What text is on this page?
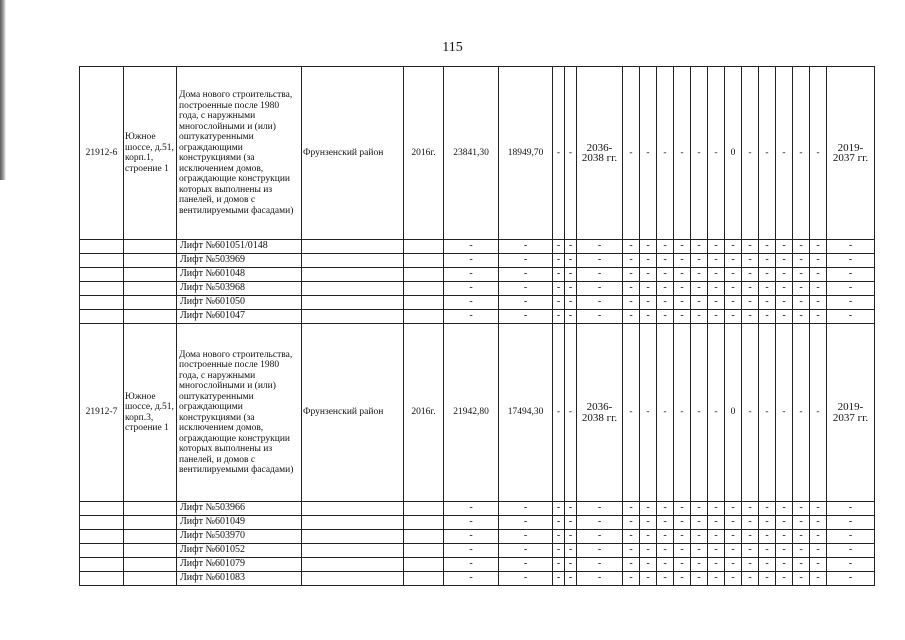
115
21912-6	Южное шоссе, д.51, корп.1, строение 1	Дома нового строительства, построенные после 1980 года, с наружными многослойными и (или) оштукатуренными ограждающими конструкциями (за исключением домов, ограждающие конструкции которых выполнены из панелей, и домов с вентилируемыми фасадами)	Фрунзенский район	2016г.	23841,30	18949,70	-	-	2036-2038 гг.	-	-	-	-	-	-	0	-	-	-	-	-	2019-2037 гг.
		Лифт №601051/0148			-	-	-	-	-	-	-	-	-	-	-	-	-	-	-	-	-	-
		Лифт №503969			-	-	-	-	-	-	-	-	-	-	-	-	-	-	-	-	-	-
		Лифт №601048			-	-	-	-	-	-	-	-	-	-	-	-	-	-	-	-	-	-
		Лифт №503968			-	-	-	-	-	-	-	-	-	-	-	-	-	-	-	-	-	-
		Лифт №601050			-	-	-	-	-	-	-	-	-	-	-	-	-	-	-	-	-	-
		Лифт №601047			-	-	-	-	-	-	-	-	-	-	-	-	-	-	-	-	-	-
21912-7	Южное шоссе, д.51, корп.3, строение 1	Дома нового строительства, построенные после 1980 года, с наружными многослойными и (или) оштукатуренными ограждающими конструкциями (за исключением домов, ограждающие конструкции которых выполнены из панелей, и домов с вентилируемыми фасадами)	Фрунзенский район	2016г.	21942,80	17494,30	-	-	2036-2038 гг.	-	-	-	-	-	-	0	-	-	-	-	-	2019-2037 гг.
		Лифт №503966			-	-	-	-	-	-	-	-	-	-	-	-	-	-	-	-	-	-
		Лифт №601049			-	-	-	-	-	-	-	-	-	-	-	-	-	-	-	-	-	-
		Лифт №503970			-	-	-	-	-	-	-	-	-	-	-	-	-	-	-	-	-	-
		Лифт №601052			-	-	-	-	-	-	-	-	-	-	-	-	-	-	-	-	-	-
		Лифт №601079			-	-	-	-	-	-	-	-	-	-	-	-	-	-	-	-	-	-
		Лифт №601083			-	-	-	-	-	-	-	-	-	-	-	-	-	-	-	-	-	-
